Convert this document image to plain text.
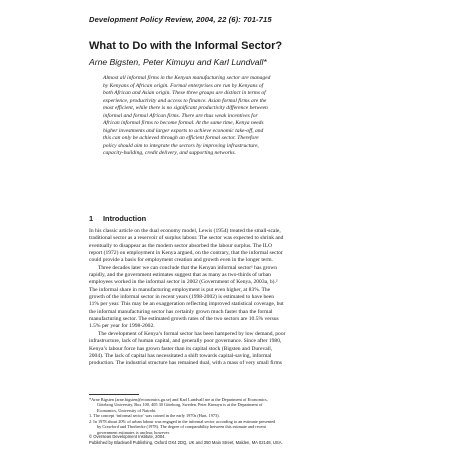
Development Policy Review, 2004, 22 (6): 701-715
What to Do with the Informal Sector?
Arne Bigsten, Peter Kimuyu and Karl Lundvall*
Almost all informal firms in the Kenyan manufacturing sector are managed
by Kenyans of African origin. Formal enterprises are run by Kenyans of
both African and Asian origin. These three groups are distinct in terms of
experience, productivity and access to finance. Asian formal firms are the
most efficient, while there is no significant productivity difference between
informal and formal African firms. There are thus weak incentives for
African informal firms to become formal. At the same time, Kenya needs
higher investments and larger exports to achieve economic take-off, and
this can only be achieved through an efficient formal sector. Therefore
policy should aim to integrate the sectors by improving infrastructure,
capacity-building, credit delivery, and supporting networks.
1 Introduction
In his classic article on the dual economy model, Lewis (1954) treated the small-scale,
traditional sector as a reservoir of surplus labour. The sector was expected to shrink and
eventually to disappear as the modern sector absorbed the labour surplus. The ILO
report (1972) on employment in Kenya argued, on the contrary, that the informal sector
could provide a basis for employment creation and growth even in the longer term.
Three decades later we can conclude that the Kenyan informal sector¹ has grown
rapidly, and the government estimates suggest that as many as two-thirds of urban
employees worked in the informal sector in 2002 (Government of Kenya, 2003a, b).²
The informal share in manufacturing employment is put even higher, at 83%. The
growth of the informal sector in recent years (1998-2002) is estimated to have been
11% per year. This may be an exaggeration reflecting improved statistical coverage, but
the informal manufacturing sector has certainly grown much faster than the formal
manufacturing sector. The estimated growth rates of the two sectors are 10.5% versus
1.5% per year for 1998-2002.
The development of Kenya’s formal sector has been hampered by low demand, poor
infrastructure, lack of human capital, and generally poor governance. Since after 1980,
Kenya’s labour force has grown faster than its capital stock (Bigsten and Durevall,
2004). The lack of capital has necessitated a shift towards capital-saving, informal
production. The industrial structure has remained dual, with a mass of very small firms
*Arne Bigsten (arne.bigsten@economics.gu.se) and Karl Lundvall are at the Department of Economics,
Göteborg University, Box 100, 405 30 Göteborg, Sweden. Peter Kimuyu is at the Department of
Economics, University of Nairobi.
1. The concept ‘informal sector’ was coined in the early 1970s (Hart, 1973).
2. In 1978 about 20% of urban labour was engaged in the informal sector according to an estimate presented
by Crawford and Thorbecke (1978). The degree of comparability between this estimate and recent
government estimates is unclear, however.
© Overseas Development Institute, 2004.
Published by Blackwell Publishing, Oxford OX4 2DQ, UK and 350 Main Street, Malden, MA 02148, USA.
